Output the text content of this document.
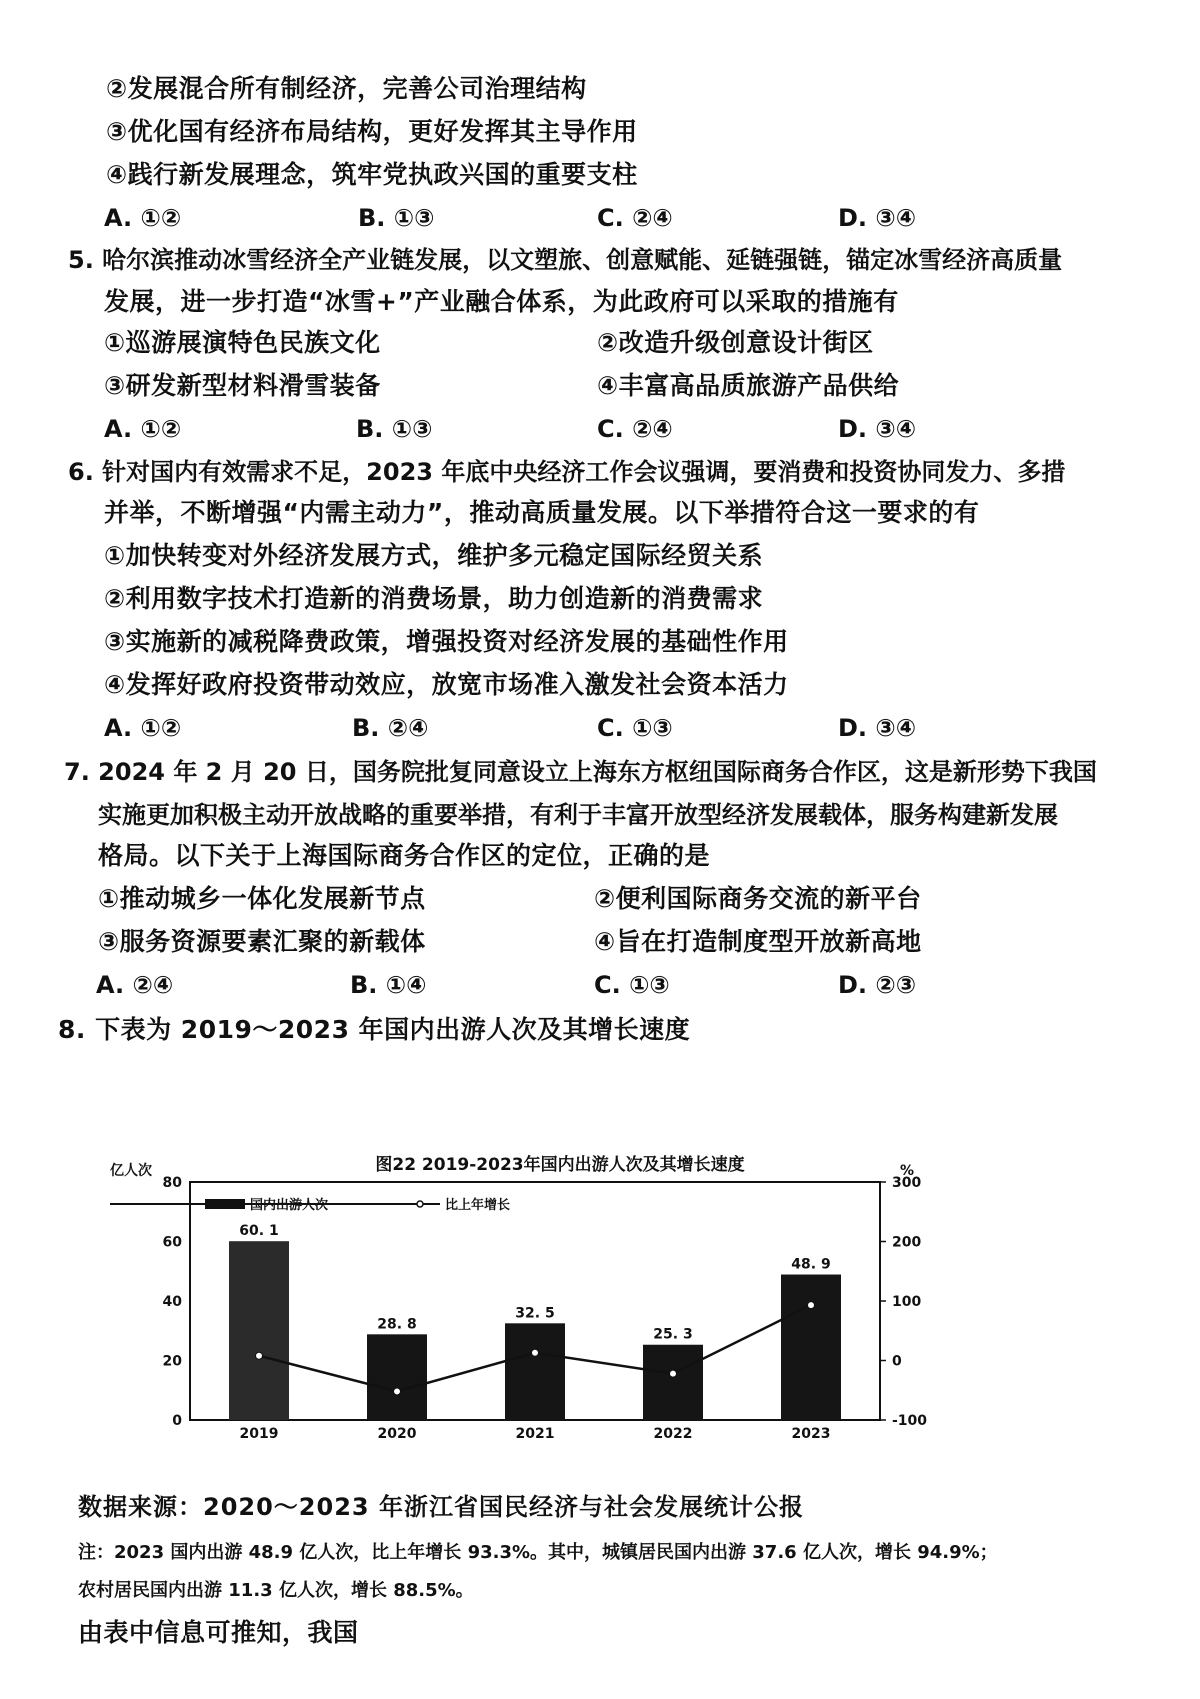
②发展混合所有制经济，完善公司治理结构
③优化国有经济布局结构，更好发挥其主导作用
④践行新发展理念，筑牢党执政兴国的重要支柱
A. ①②	B. ①③	C. ②④	D. ③④
5. 哈尔滨推动冰雪经济全产业链发展，以文塑旅、创意赋能、延链强链，锚定冰雪经济高质量
发展，进一步打造“冰雪+”产业融合体系，为此政府可以采取的措施有
①巡游展演特色民族文化	②改造升级创意设计街区
③研发新型材料滑雪装备	④丰富高品质旅游产品供给
A. ①②	B. ①③	C. ②④	D. ③④
6. 针对国内有效需求不足，2023 年底中央经济工作会议强调，要消费和投资协同发力、多措
并举，不断增强“内需主动力”，推动高质量发展。以下举措符合这一要求的有
①加快转变对外经济发展方式，维护多元稳定国际经贸关系
②利用数字技术打造新的消费场景，助力创造新的消费需求
③实施新的减税降费政策，增强投资对经济发展的基础性作用
④发挥好政府投资带动效应，放宽市场准入激发社会资本活力
A. ①②	B. ②④	C. ①③	D. ③④
7. 2024 年 2 月 20 日，国务院批复同意设立上海东方枢纽国际商务合作区，这是新形势下我国
实施更加积极主动开放战略的重要举措，有利于丰富开放型经济发展载体，服务构建新发展
格局。以下关于上海国际商务合作区的定位，正确的是
①推动城乡一体化发展新节点	②便利国际商务交流的新平台
③服务资源要素汇聚的新载体	④旨在打造制度型开放新高地
A. ②④	B. ①④	C. ①③	D. ②③
8. 下表为 2019～2023 年国内出游人次及其增长速度
图22 2019-2023年国内出游人次及其增长速度
亿人次	%
国内出游人次	比上年增长
60. 1
2019
28. 8
2020
32. 5
2021
25. 3
2022
48. 9
2023
0
20
40
60
80
-100
0
100
200
300
数据来源：2020～2023 年浙江省国民经济与社会发展统计公报
注：2023 国内出游 48.9 亿人次，比上年增长 93.3%。其中，城镇居民国内出游 37.6 亿人次，增长 94.9%；
农村居民国内出游 11.3 亿人次，增长 88.5%。
由表中信息可推知，我国
